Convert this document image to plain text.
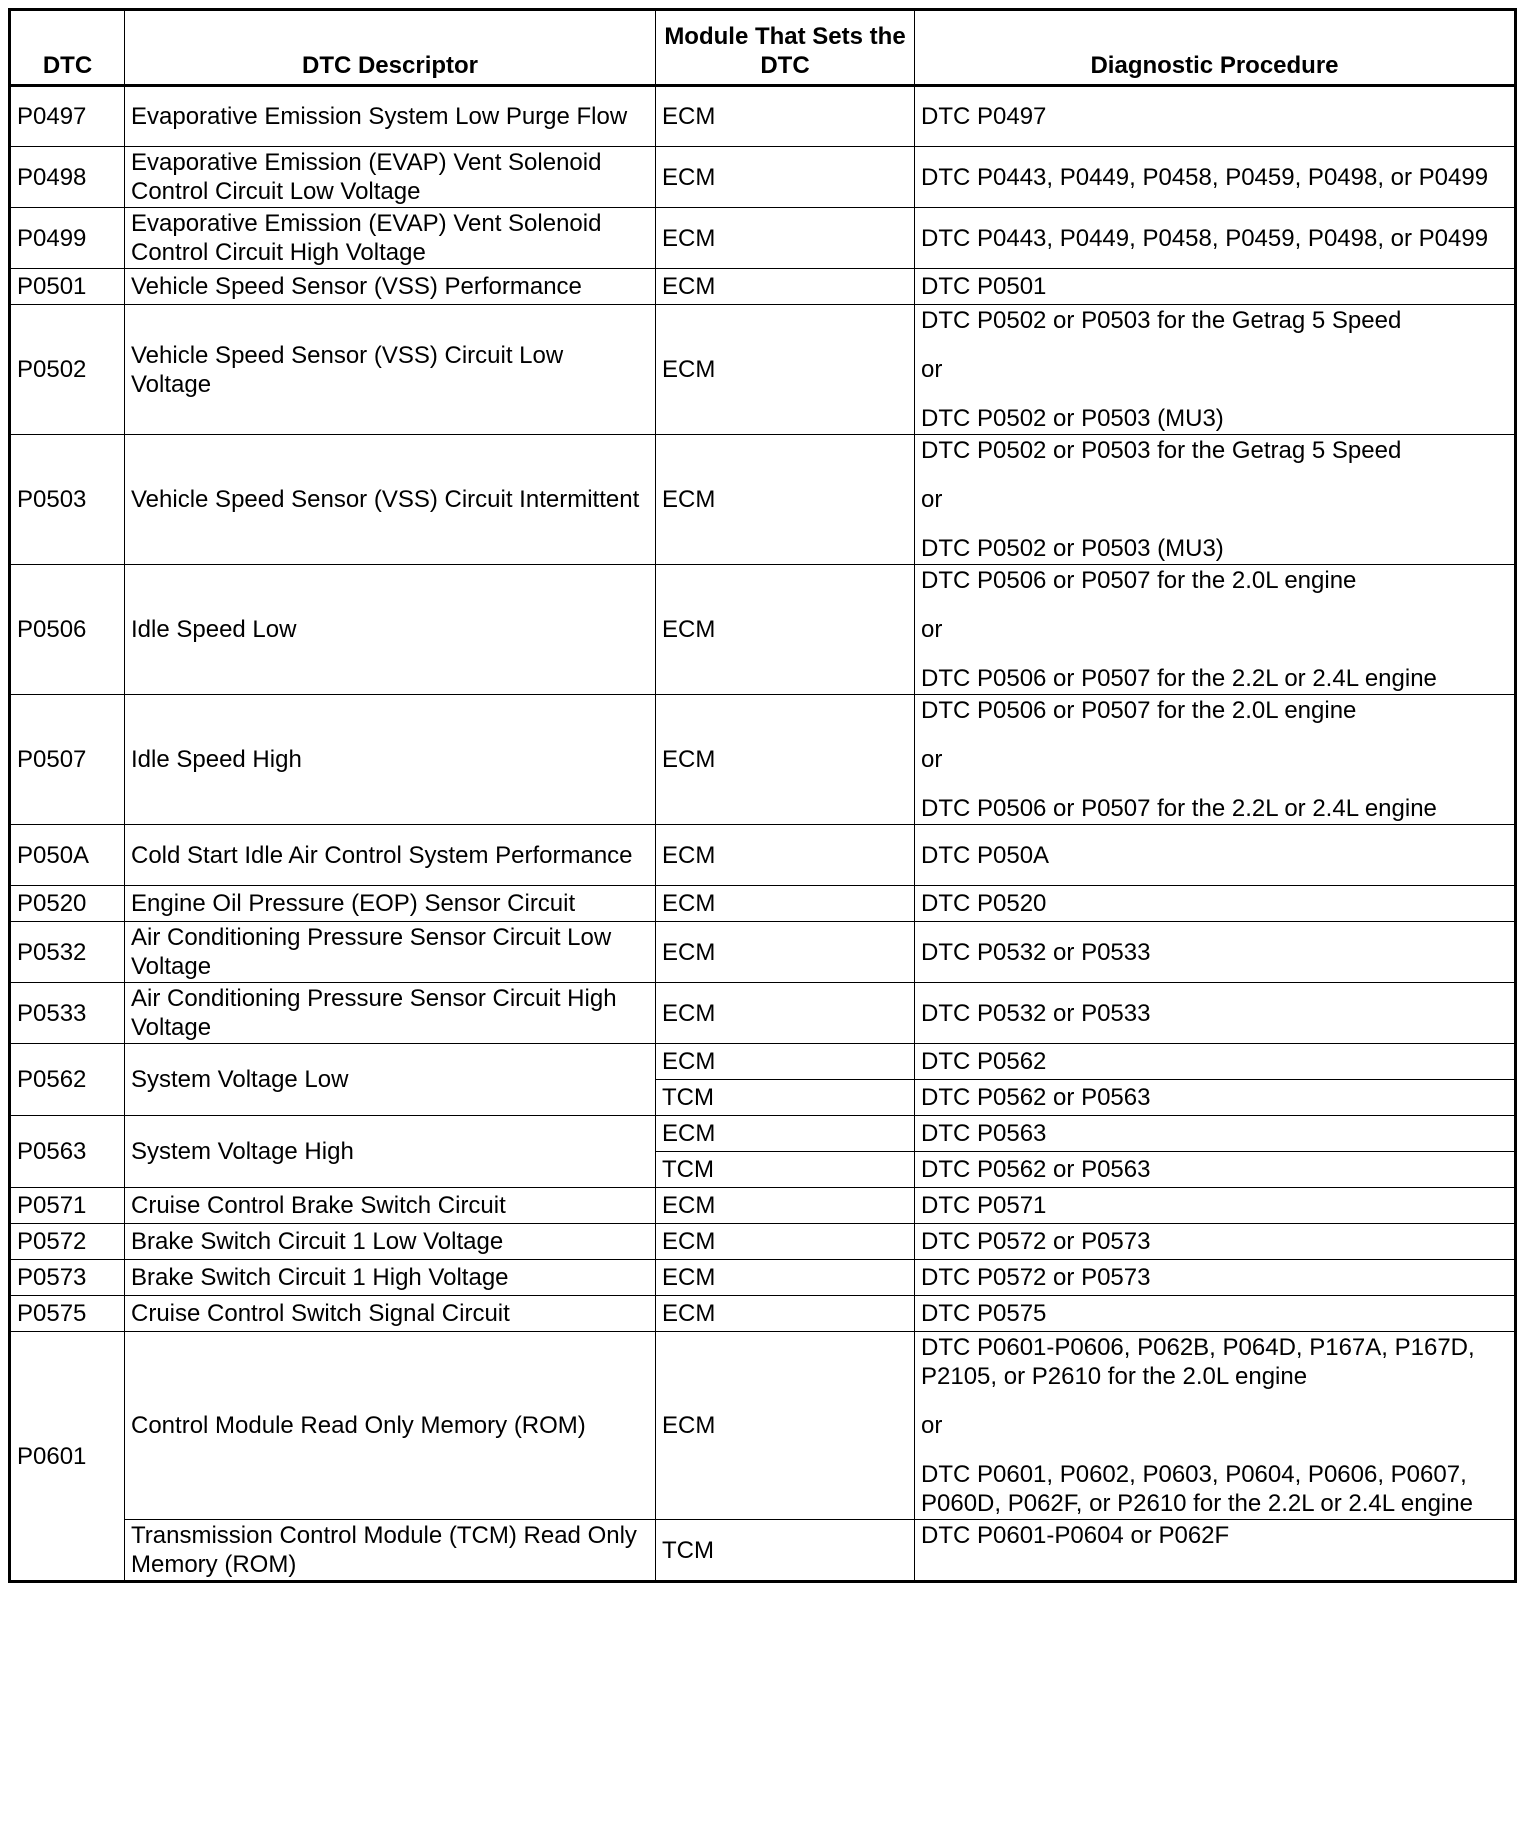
DTC	DTC Descriptor	Module That Sets the DTC	Diagnostic Procedure
P0497	Evaporative Emission System Low Purge Flow	ECM	DTC P0497
P0498	Evaporative Emission (EVAP) Vent Solenoid Control Circuit Low Voltage	ECM	DTC P0443, P0449, P0458, P0459, P0498, or P0499
P0499	Evaporative Emission (EVAP) Vent Solenoid Control Circuit High Voltage	ECM	DTC P0443, P0449, P0458, P0459, P0498, or P0499
P0501	Vehicle Speed Sensor (VSS) Performance	ECM	DTC P0501
P0502	Vehicle Speed Sensor (VSS) Circuit Low Voltage	ECM	DTC P0502 or P0503 for the Getrag 5 Speed
or
DTC P0502 or P0503 (MU3)

P0503	Vehicle Speed Sensor (VSS) Circuit Intermittent	ECM	DTC P0502 or P0503 for the Getrag 5 Speed
or
DTC P0502 or P0503 (MU3)

P0506	Idle Speed Low	ECM	DTC P0506 or P0507 for the 2.0L engine
or
DTC P0506 or P0507 for the 2.2L or 2.4L engine

P0507	Idle Speed High	ECM	DTC P0506 or P0507 for the 2.0L engine
or
DTC P0506 or P0507 for the 2.2L or 2.4L engine

P050A	Cold Start Idle Air Control System Performance	ECM	DTC P050A
P0520	Engine Oil Pressure (EOP) Sensor Circuit	ECM	DTC P0520
P0532	Air Conditioning Pressure Sensor Circuit Low Voltage	ECM	DTC P0532 or P0533
P0533	Air Conditioning Pressure Sensor Circuit High Voltage	ECM	DTC P0532 or P0533
P0562	System Voltage Low	ECM	DTC P0562
		TCM	DTC P0562 or P0563
P0563	System Voltage High	ECM	DTC P0563
		TCM	DTC P0562 or P0563
P0571	Cruise Control Brake Switch Circuit	ECM	DTC P0571
P0572	Brake Switch Circuit 1 Low Voltage	ECM	DTC P0572 or P0573
P0573	Brake Switch Circuit 1 High Voltage	ECM	DTC P0572 or P0573
P0575	Cruise Control Switch Signal Circuit	ECM	DTC P0575
P0601	Control Module Read Only Memory (ROM)	ECM	DTC P0601-P0606, P062B, P064D, P167A, P167D, P2105, or P2610 for the 2.0L engine
or
DTC P0601, P0602, P0603, P0604, P0606, P0607, P060D, P062F, or P2610 for the 2.2L or 2.4L engine

	Transmission Control Module (TCM) Read Only Memory (ROM)	TCM	DTC P0601-P0604 or P062F
